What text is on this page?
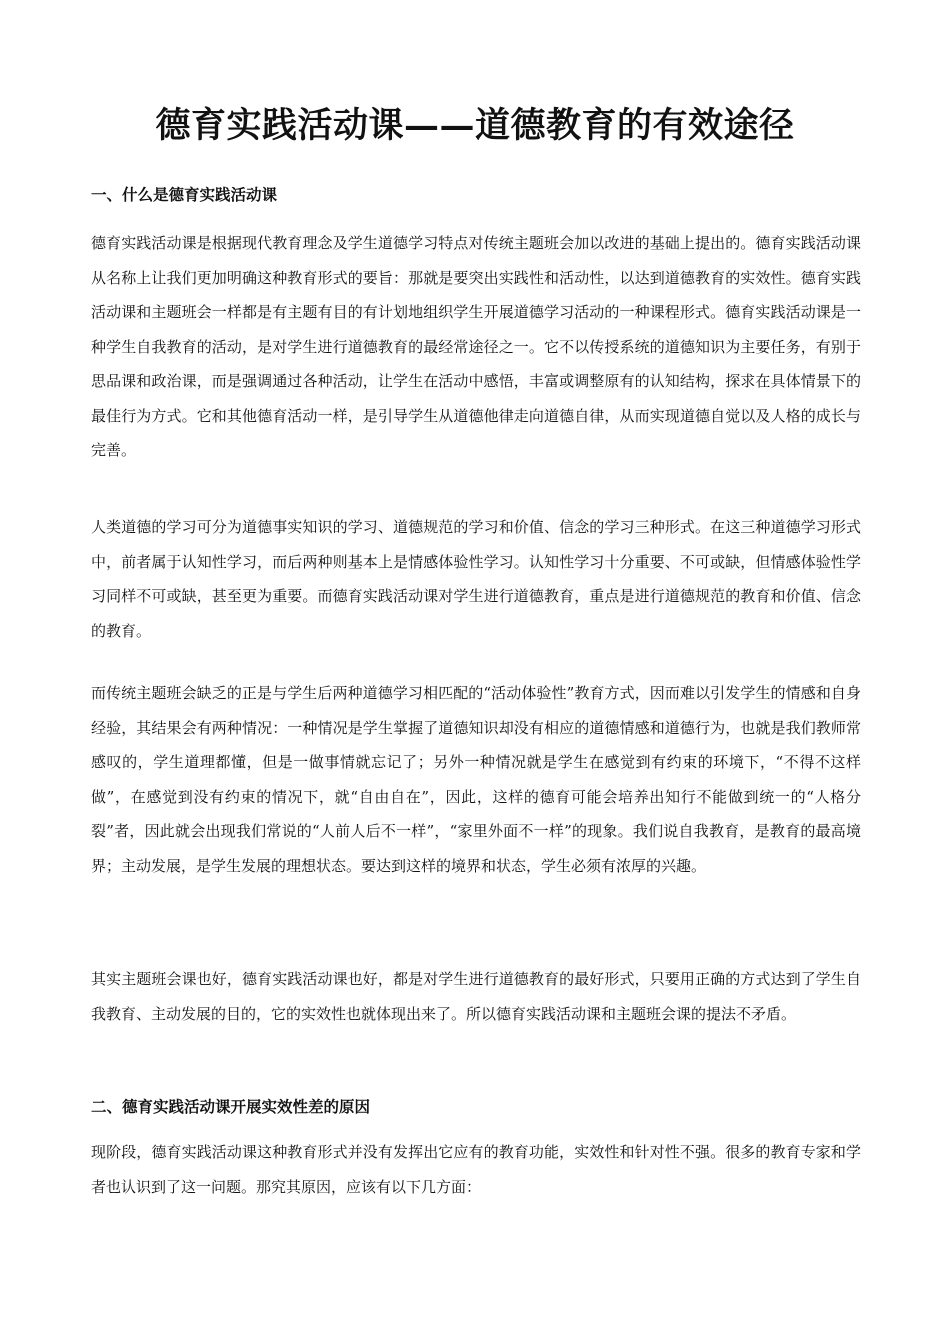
德育实践活动课——道德教育的有效途径
一、什么是德育实践活动课

德育实践活动课是根据现代教育理念及学生道德学习特点对传统主题班会加以改进的基础上提出的。德育实践活动课从名称上让我们更加明确这种教育形式的要旨：那就是要突出实践性和活动性，以达到道德教育的实效性。德育实践活动课和主题班会一样都是有主题有目的有计划地组织学生开展道德学习活动的一种课程形式。德育实践活动课是一种学生自我教育的活动，是对学生进行道德教育的最经常途径之一。它不以传授系统的道德知识为主要任务，有别于思品课和政治课，而是强调通过各种活动，让学生在活动中感悟，丰富或调整原有的认知结构，探求在具体情景下的最佳行为方式。它和其他德育活动一样，是引导学生从道德他律走向道德自律，从而实现道德自觉以及人格的成长与完善。

人类道德的学习可分为道德事实知识的学习、道德规范的学习和价值、信念的学习三种形式。在这三种道德学习形式中，前者属于认知性学习，而后两种则基本上是情感体验性学习。认知性学习十分重要、不可或缺，但情感体验性学习同样不可或缺，甚至更为重要。而德育实践活动课对学生进行道德教育，重点是进行道德规范的教育和价值、信念的教育。

而传统主题班会缺乏的正是与学生后两种道德学习相匹配的“活动体验性”教育方式，因而难以引发学生的情感和自身经验，其结果会有两种情况：一种情况是学生掌握了道德知识却没有相应的道德情感和道德行为，也就是我们教师常感叹的，学生道理都懂，但是一做事情就忘记了；另外一种情况就是学生在感觉到有约束的环境下，“不得不这样做”，在感觉到没有约束的情况下，就“自由自在”，因此，这样的德育可能会培养出知行不能做到统一的“人格分裂”者，因此就会出现我们常说的“人前人后不一样”，“家里外面不一样”的现象。我们说自我教育，是教育的最高境界；主动发展，是学生发展的理想状态。要达到这样的境界和状态，学生必须有浓厚的兴趣。

其实主题班会课也好，德育实践活动课也好，都是对学生进行道德教育的最好形式，只要用正确的方式达到了学生自我教育、主动发展的目的，它的实效性也就体现出来了。所以德育实践活动课和主题班会课的提法不矛盾。

二、德育实践活动课开展实效性差的原因

现阶段，德育实践活动课这种教育形式并没有发挥出它应有的教育功能，实效性和针对性不强。很多的教育专家和学者也认识到了这一问题。那究其原因，应该有以下几方面：
